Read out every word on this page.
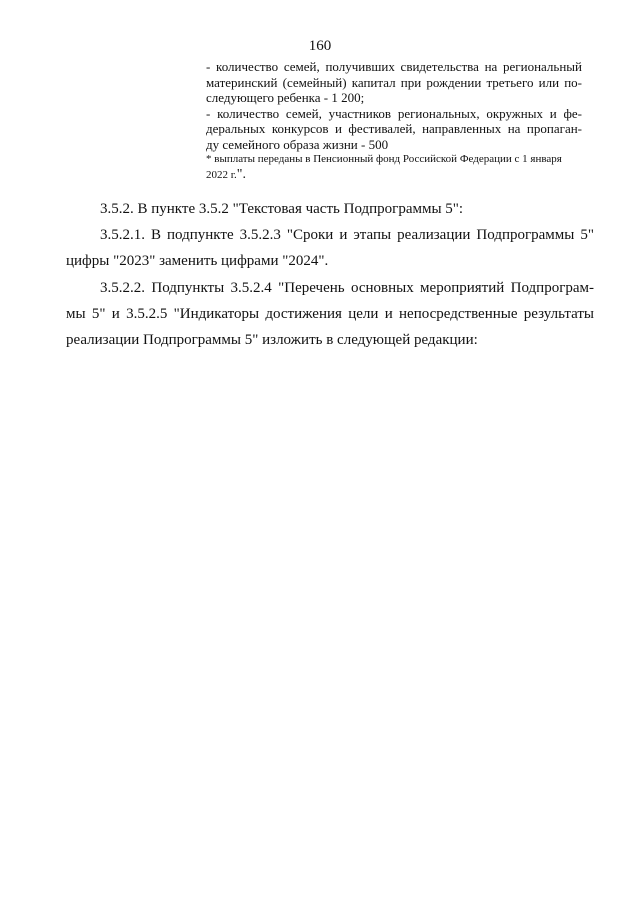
160

- количество семей, получивших свидетельства на региональный

материнский (семейный) капитал при рождении третьего или по-

следующего ребенка - 1 200;

- количество семей, участников региональных, окружных и фе-

деральных конкурсов и фестивалей, направленных на пропаган-

ду семейного образа жизни - 500

* выплаты переданы в Пенсионный фонд Российской Федерации с 1 января
2022 г.".

3.5.2. В пункте 3.5.2 "Текстовая часть Подпрограммы 5":

3.5.2.1. В подпункте 3.5.2.3 "Сроки и этапы реализации Подпрограммы 5"

цифры "2023" заменить цифрами "2024".

3.5.2.2. Подпункты 3.5.2.4 "Перечень основных мероприятий Подпрограм-

мы 5" и 3.5.2.5 "Индикаторы достижения цели и непосредственные результаты

реализации Подпрограммы 5" изложить в следующей редакции:
